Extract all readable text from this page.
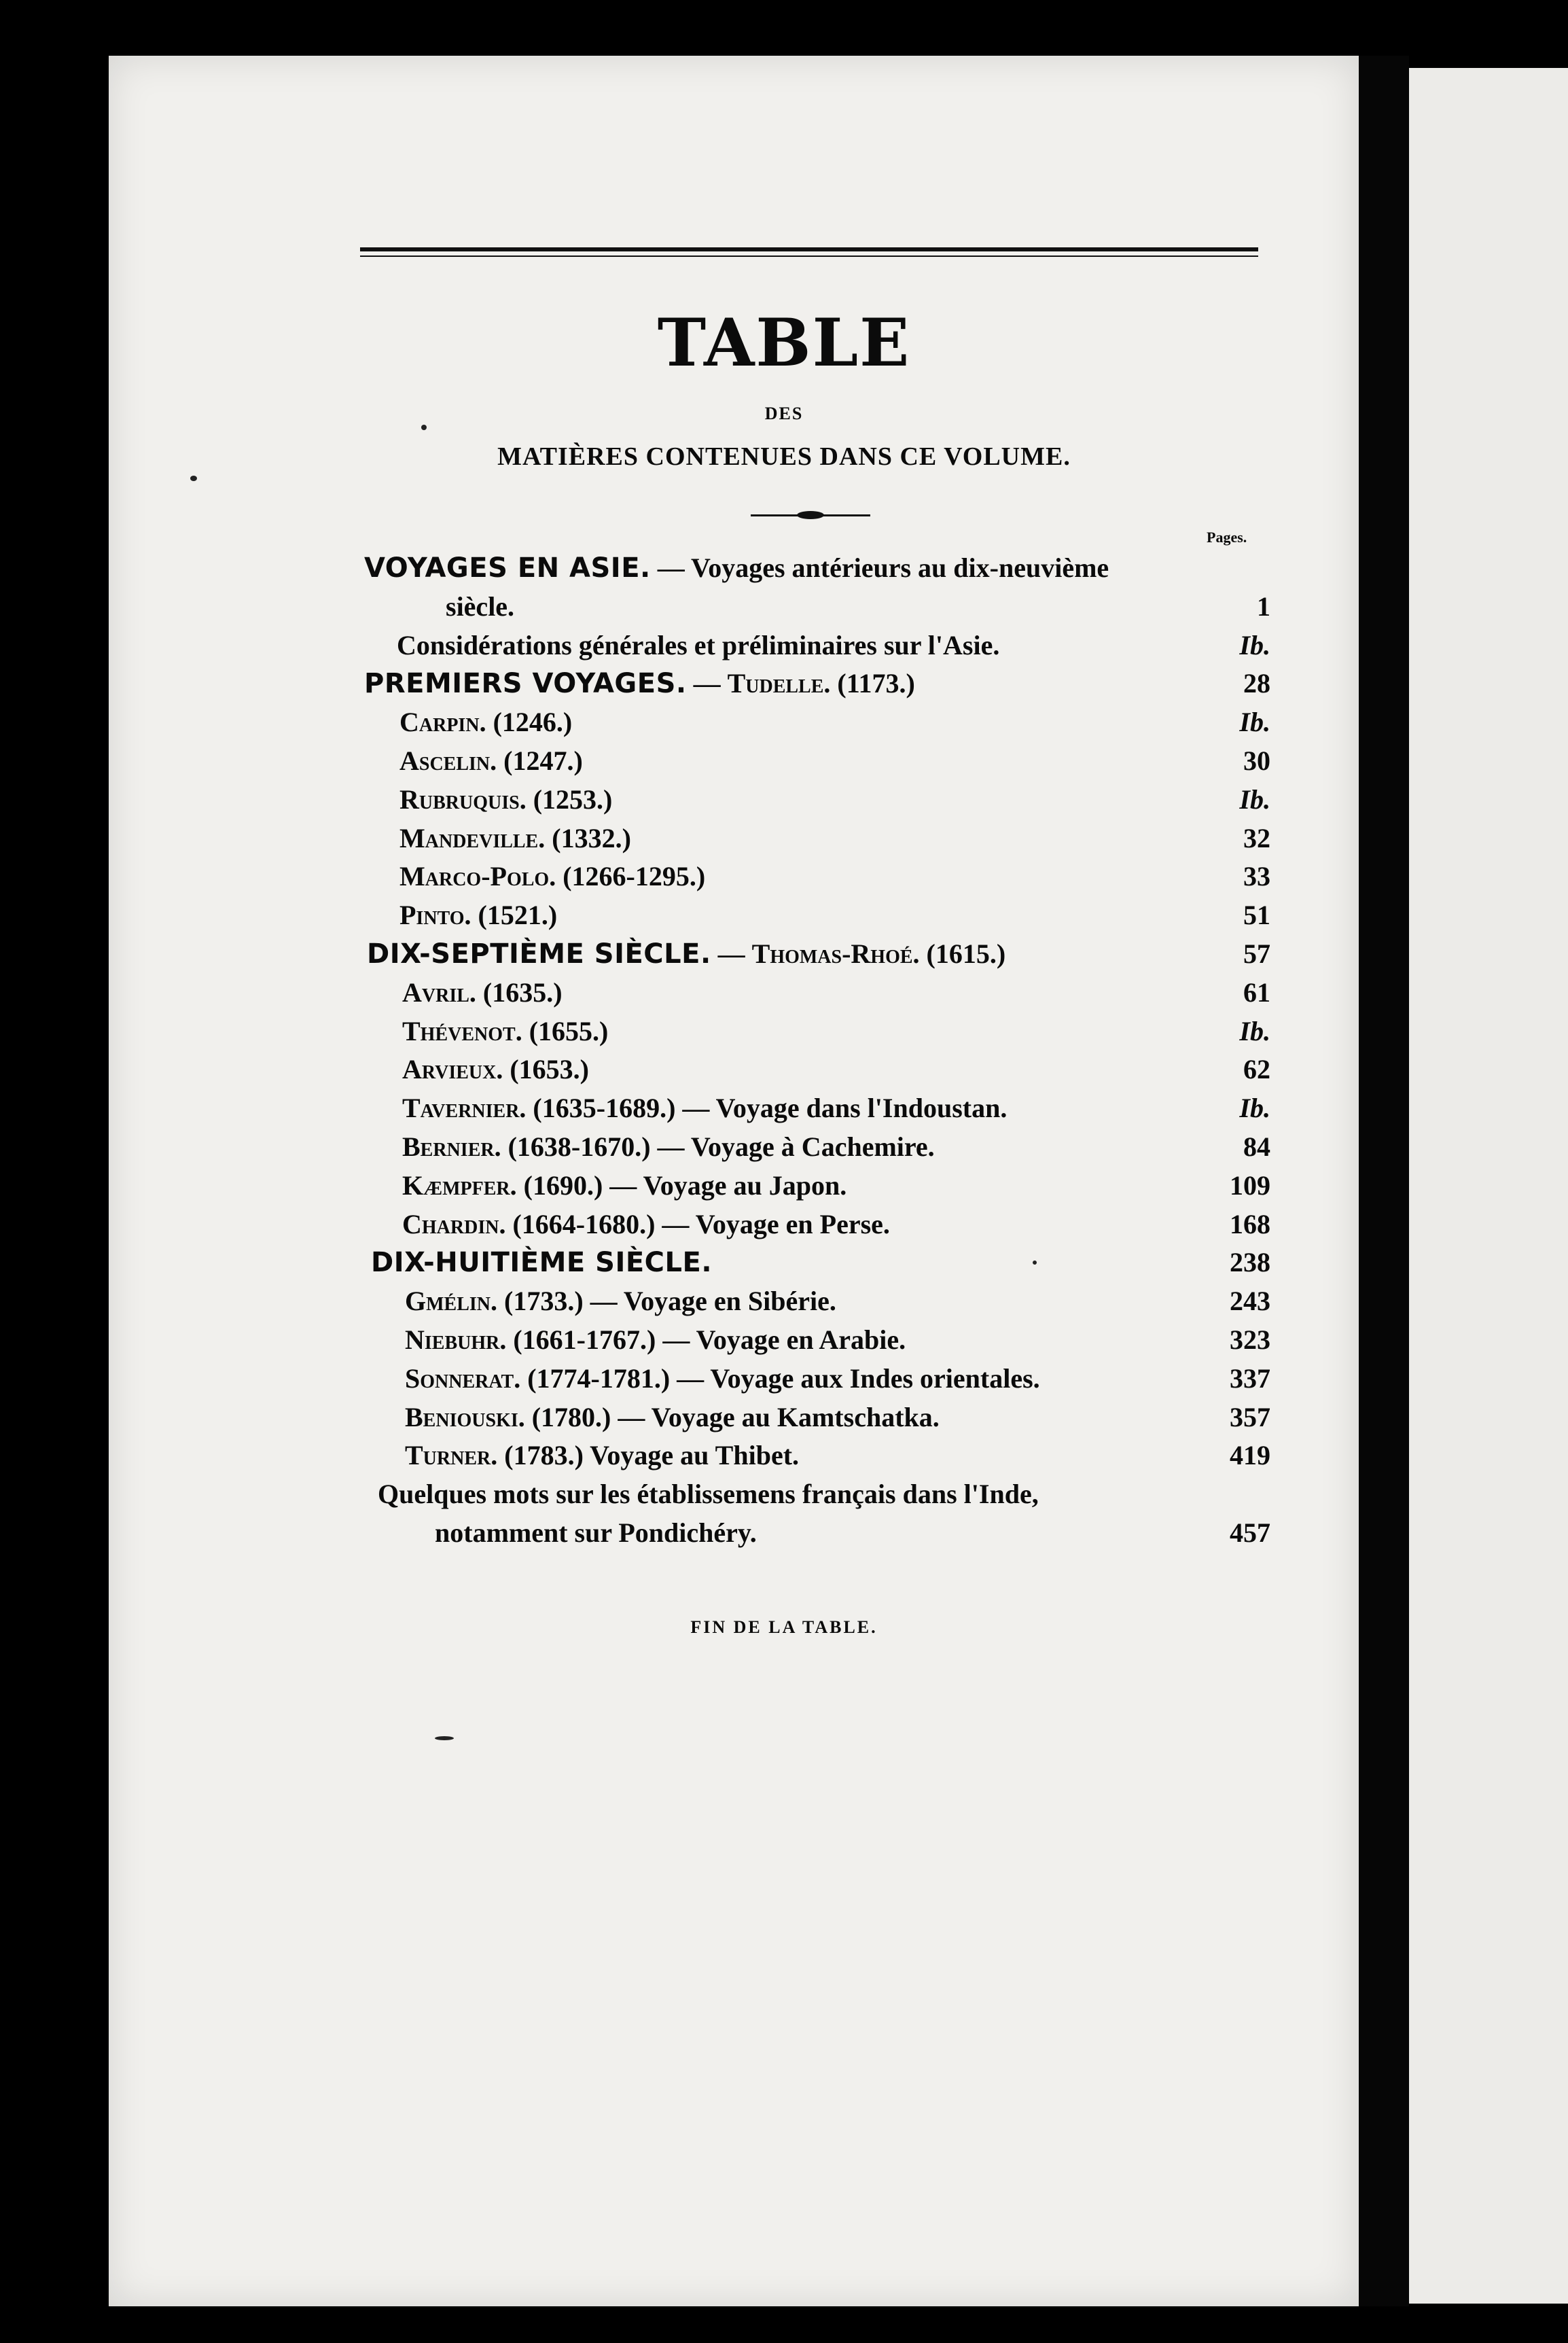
TABLE
DES
MATIÈRES CONTENUES DANS CE VOLUME.
Pages.
VOYAGES EN ASIE. — Voyages antérieurs au dix-neuvième
siècle.	1
Considérations générales et préliminaires sur l'Asie.	Ib.
PREMIERS VOYAGES. — Tudelle. (1173.)	28
Carpin. (1246.)	Ib.
Ascelin. (1247.)	30
Rubruquis. (1253.)	Ib.
Mandeville. (1332.)	32
Marco-Polo. (1266-1295.)	33
Pinto. (1521.)	51
DIX-SEPTIÈME SIÈCLE. — Thomas-Rhoé. (1615.)	57
Avril. (1635.)	61
Thévenot. (1655.)	Ib.
Arvieux. (1653.)	62
Tavernier. (1635-1689.) — Voyage dans l'Indoustan.	Ib.
Bernier. (1638-1670.) — Voyage à Cachemire.	84
Kæmpfer. (1690.) — Voyage au Japon.	109
Chardin. (1664-1680.) — Voyage en Perse.	168
DIX-HUITIÈME SIÈCLE.	238
Gmélin. (1733.) — Voyage en Sibérie.	243
Niebuhr. (1661-1767.) — Voyage en Arabie.	323
Sonnerat. (1774-1781.) — Voyage aux Indes orientales.	337
Beniouski. (1780.) — Voyage au Kamtschatka.	357
Turner. (1783.) Voyage au Thibet.	419
Quelques mots sur les établissemens français dans l'Inde,
notamment sur Pondichéry.	457
FIN DE LA TABLE.
